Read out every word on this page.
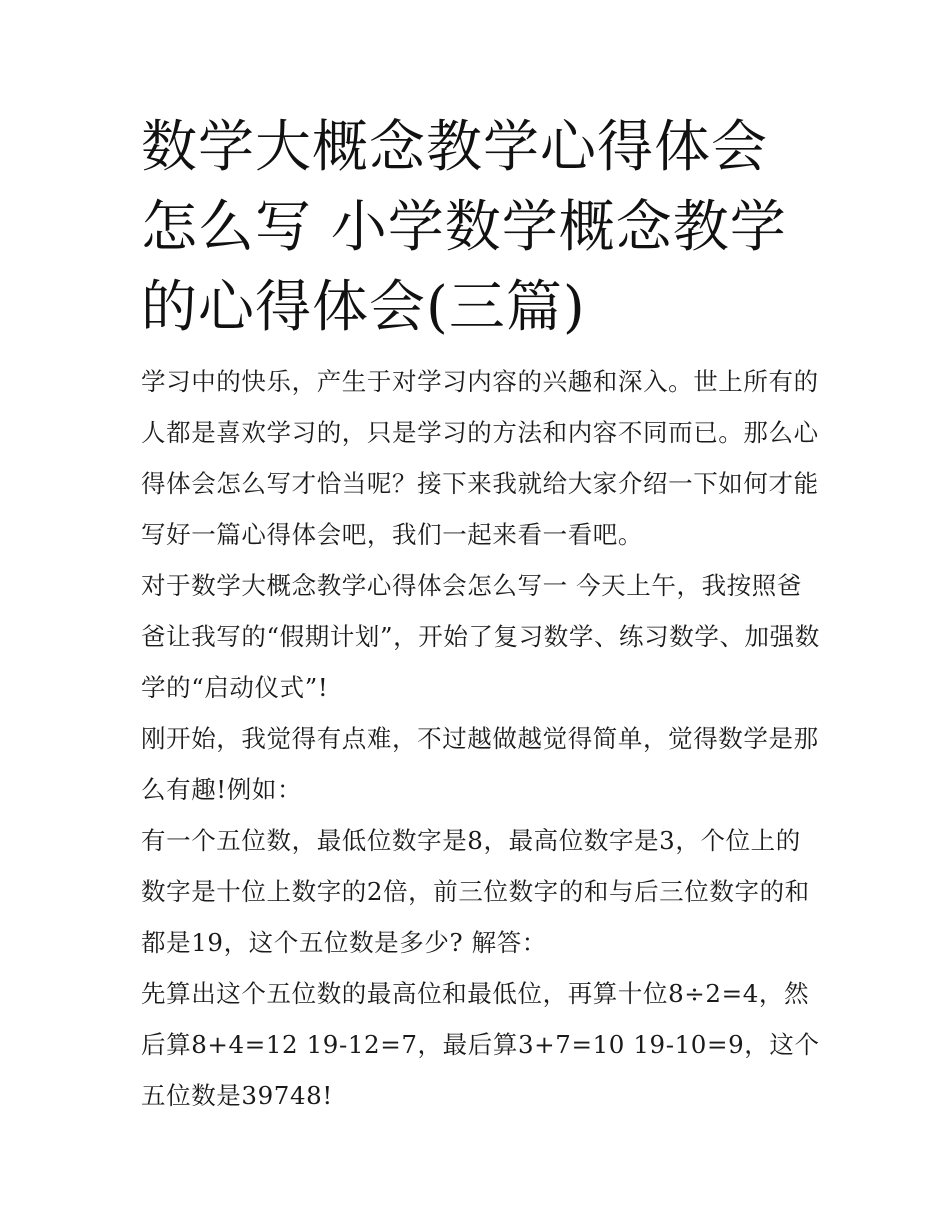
数学大概念教学心得体会怎么写 小学数学概念教学的心得体会(三篇)

学习中的快乐，产生于对学习内容的兴趣和深入。世上所有的人都是喜欢学习的，只是学习的方法和内容不同而已。那么心得体会怎么写才恰当呢？接下来我就给大家介绍一下如何才能写好一篇心得体会吧，我们一起来看一看吧。

对于数学大概念教学心得体会怎么写一 今天上午，我按照爸爸让我写的“假期计划”，开始了复习数学、练习数学、加强数学的“启动仪式”!

刚开始，我觉得有点难，不过越做越觉得简单，觉得数学是那么有趣!例如：

有一个五位数，最低位数字是8，最高位数字是3，个位上的数字是十位上数字的2倍，前三位数字的和与后三位数字的和都是19，这个五位数是多少? 解答：

先算出这个五位数的最高位和最低位，再算十位8÷2=4，然后算8+4=12 19-12=7，最后算3+7=10 19-10=9，这个五位数是39748!
